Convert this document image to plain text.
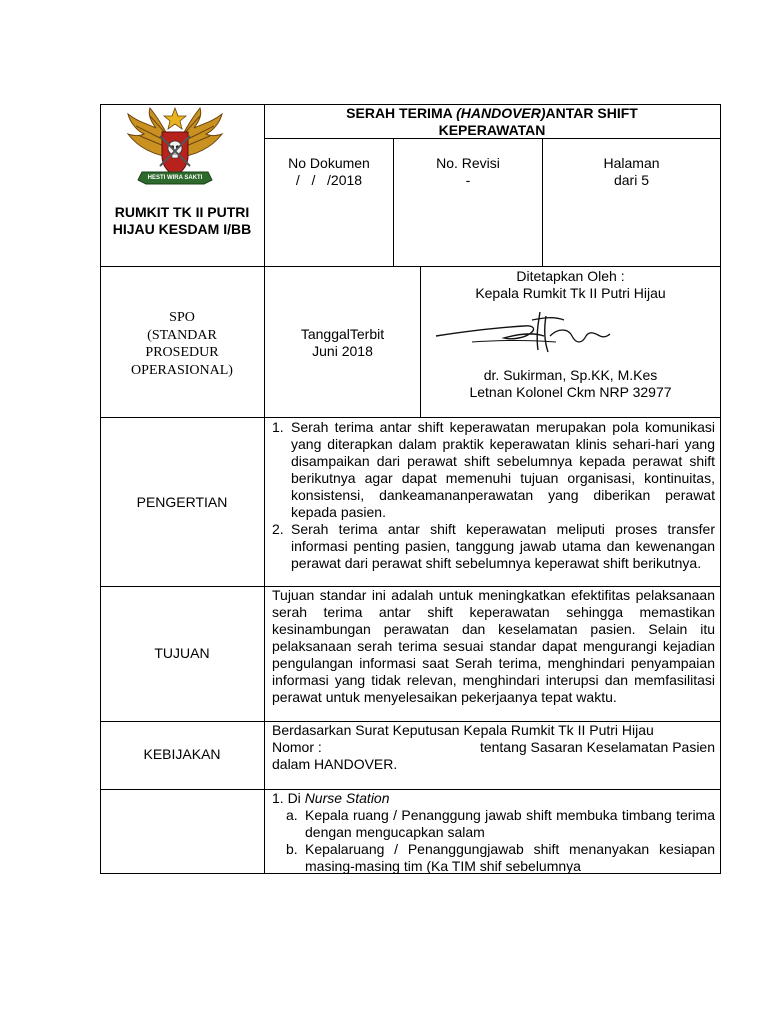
HESTI WIRA SAKTI
RUMKIT TK II PUTRI HIJAU KESDAM I/BB
SERAH TERIMA (HANDOVER)ANTAR SHIFT
KEPERAWATAN
No Dokumen
/   /   /2018
No. Revisi
-
Halaman
dari 5
SPO
(STANDAR
PROSEDUR
OPERASIONAL)
TanggalTerbit
Juni 2018
Ditetapkan Oleh :
Kepala Rumkit Tk II Putri Hijau
dr. Sukirman, Sp.KK, M.Kes
Letnan Kolonel Ckm NRP 32977
PENGERTIAN
1. Serah terima antar shift keperawatan merupakan pola komunikasi yang diterapkan dalam praktik keperawatan klinis sehari-hari yang disampaikan dari perawat shift sebelumnya kepada perawat shift berikutnya agar dapat memenuhi tujuan organisasi, kontinuitas, konsistensi, dankeamananperawatan yang diberikan perawat kepada pasien.
2. Serah terima antar shift keperawatan meliputi proses transfer informasi penting pasien, tanggung jawab utama dan kewenangan perawat dari perawat shift sebelumnya keperawat shift berikutnya.
TUJUAN
Tujuan standar ini adalah untuk meningkatkan efektifitas pelaksanaan serah terima antar shift keperawatan sehingga memastikan kesinambungan perawatan dan keselamatan pasien. Selain itu pelaksanaan serah terima sesuai standar dapat mengurangi kejadian pengulangan informasi saat Serah terima, menghindari penyampaian informasi yang tidak relevan, menghindari interupsi dan memfasilitasi perawat untuk menyelesaikan pekerjaanya tepat waktu.
KEBIJAKAN
Berdasarkan Surat Keputusan Kepala Rumkit Tk II Putri Hijau
Nomor :	tentang Sasaran Keselamatan Pasien
dalam HANDOVER.
1. Di Nurse Station
a. Kepala ruang / Penanggung jawab shift membuka timbang terima dengan mengucapkan salam
b. Kepalaruang / Penanggungjawab shift menanyakan kesiapan masing-masing tim (Ka TIM shif sebelumnya
